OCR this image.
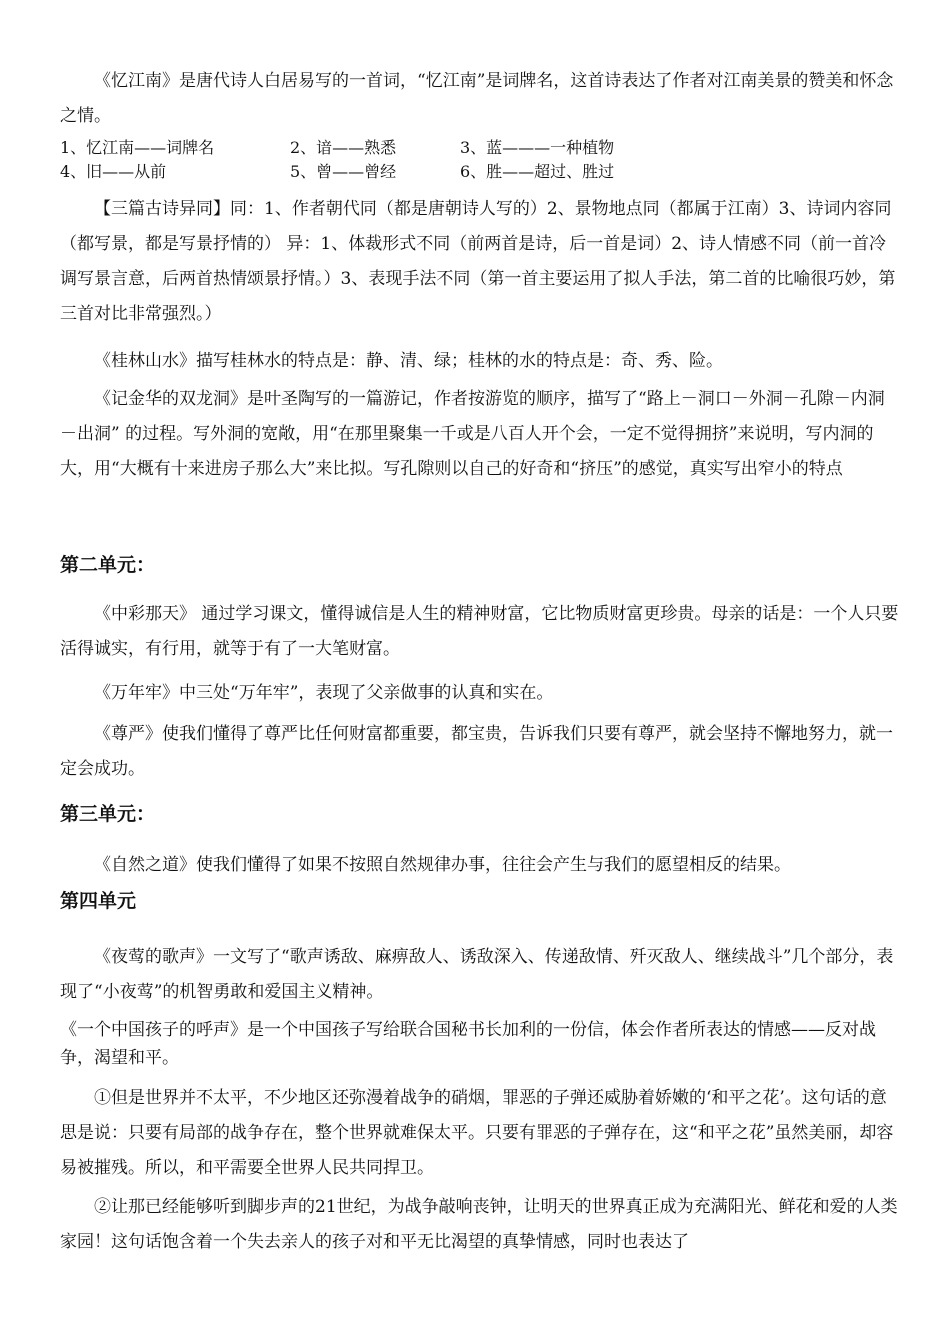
《忆江南》是唐代诗人白居易写的一首词，“忆江南”是词牌名，这首诗表达了作者对江南美景的赞美和怀念之情。

1、忆江南——词牌名	2、谙——熟悉	3、蓝———一种植物
4、旧——从前	5、曾——曾经	6、胜——超过、胜过

【三篇古诗异同】同：1、作者朝代同（都是唐朝诗人写的）2、景物地点同（都属于江南）3、诗词内容同（都写景，都是写景抒情的） 异：1、体裁形式不同（前两首是诗，后一首是词）2、诗人情感不同（前一首冷调写景言意，后两首热情颂景抒情。）3、表现手法不同（第一首主要运用了拟人手法，第二首的比喻很巧妙，第三首对比非常强烈。）

《桂林山水》描写桂林水的特点是：静、清、绿；桂林的水的特点是：奇、秀、险。

《记金华的双龙洞》是叶圣陶写的一篇游记，作者按游览的顺序，描写了“路上－洞口－外洞－孔隙－内洞－出洞” 的过程。写外洞的宽敞，用“在那里聚集一千或是八百人开个会，一定不觉得拥挤”来说明，写内洞的大，用“大概有十来进房子那么大”来比拟。写孔隙则以自己的好奇和“挤压”的感觉，真实写出窄小的特点

第二单元：

《中彩那天》 通过学习课文，懂得诚信是人生的精神财富，它比物质财富更珍贵。母亲的话是：一个人只要活得诚实，有行用，就等于有了一大笔财富。

《万年牢》中三处“万年牢”，表现了父亲做事的认真和实在。

《尊严》使我们懂得了尊严比任何财富都重要，都宝贵，告诉我们只要有尊严，就会坚持不懈地努力，就一定会成功。

第三单元：

《自然之道》使我们懂得了如果不按照自然规律办事，往往会产生与我们的愿望相反的结果。

第四单元

《夜莺的歌声》一文写了“歌声诱敌、麻痹敌人、诱敌深入、传递敌情、歼灭敌人、继续战斗”几个部分，表现了“小夜莺”的机智勇敢和爱国主义精神。

《一个中国孩子的呼声》是一个中国孩子写给联合国秘书长加利的一份信，体会作者所表达的情感——反对战争，渴望和平。

①但是世界并不太平，不少地区还弥漫着战争的硝烟，罪恶的子弹还威胁着娇嫩的‘和平之花’。这句话的意思是说：只要有局部的战争存在，整个世界就难保太平。只要有罪恶的子弹存在，这“和平之花”虽然美丽，却容易被摧残。所以，和平需要全世界人民共同捍卫。

②让那已经能够听到脚步声的21世纪，为战争敲响丧钟，让明天的世界真正成为充满阳光、鲜花和爱的人类家园！这句话饱含着一个失去亲人的孩子对和平无比渴望的真挚情感，同时也表达了
